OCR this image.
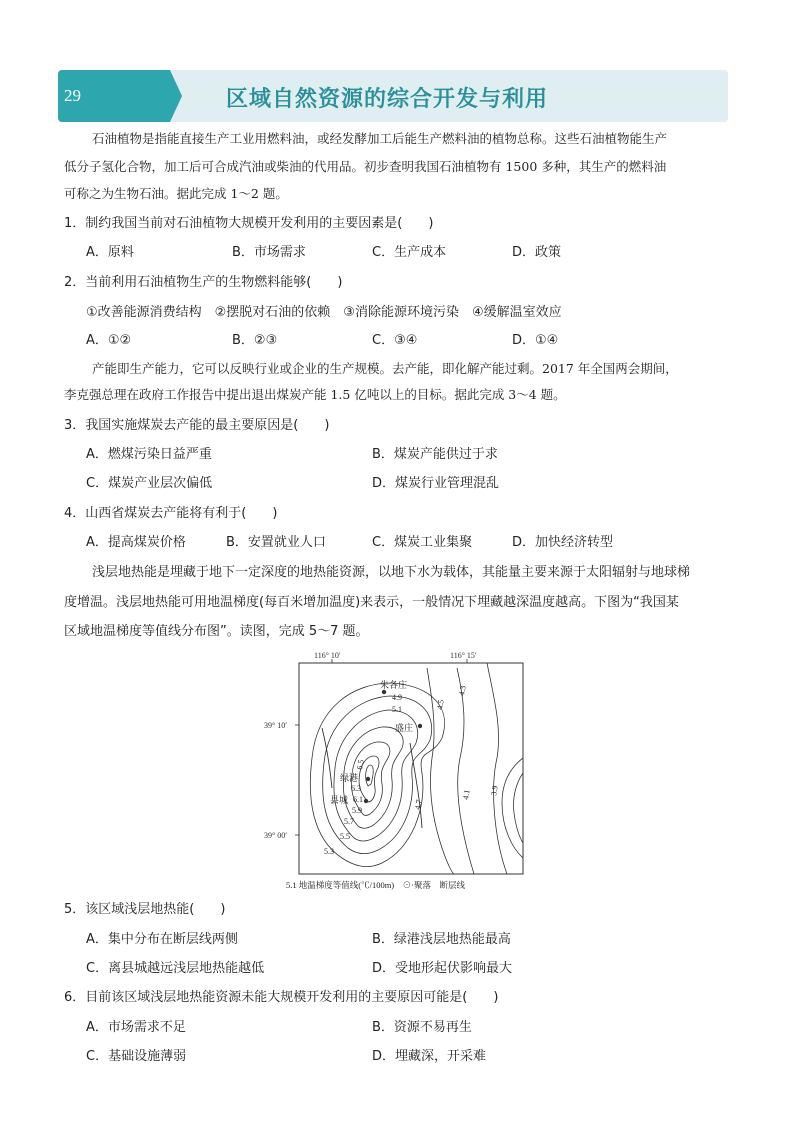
29	区域自然资源的综合开发与利用
石油植物是指能直接生产工业用燃料油，或经发酵加工后能生产燃料油的植物总称。这些石油植物能生产
低分子氢化合物，加工后可合成汽油或柴油的代用品。初步查明我国石油植物有 1500 多种，其生产的燃料油
可称之为生物石油。据此完成 1～2 题。
1．制约我国当前对石油植物大规模开发利用的主要因素是(　　)
A．原料	B．市场需求	C．生产成本	D．政策
2．当前利用石油植物生产的生物燃料能够(　　)
①改善能源消费结构　②摆脱对石油的依赖　③消除能源环境污染　④缓解温室效应
A．①②	B．②③	C．③④	D．①④
产能即生产能力，它可以反映行业或企业的生产规模。去产能，即化解产能过剩。2017 年全国两会期间，
李克强总理在政府工作报告中提出退出煤炭产能 1.5 亿吨以上的目标。据此完成 3～4 题。
3．我国实施煤炭去产能的最主要原因是(　　)
A．燃煤污染日益严重	B．煤炭产能供过于求
C．煤炭产业层次偏低	D．煤炭行业管理混乱
4．山西省煤炭去产能将有利于(　　)
A．提高煤炭价格	B．安置就业人口	C．煤炭工业集聚	D．加快经济转型
浅层地热能是埋藏于地下一定深度的地热能资源，以地下水为载体，其能量主要来源于太阳辐射与地球梯
度增温。浅层地热能可用地温梯度(每百米增加温度)来表示，一般情况下埋藏越深温度越高。下图为“我国某
区域地温梯度等值线分布图”。读图，完成 5～7 题。
116° 10′	116° 15′
39° 10′
39° 00′
朱各庄
盛庄
绿港
县城
4.9
5.1
4.3
4.5
6.5
6.3
6.1
5.9
5.7
5.5
5.3
4.7
4.1 3.9
5.1 地温梯度等值线(℃/100m)　⊙·聚落　断层线
5．该区域浅层地热能(　　)
A．集中分布在断层线两侧	B．绿港浅层地热能最高
C．离县城越远浅层地热能越低	D．受地形起伏影响最大
6．目前该区域浅层地热能资源未能大规模开发利用的主要原因可能是(　　)
A．市场需求不足	B．资源不易再生
C．基础设施薄弱	D．埋藏深，开采难
